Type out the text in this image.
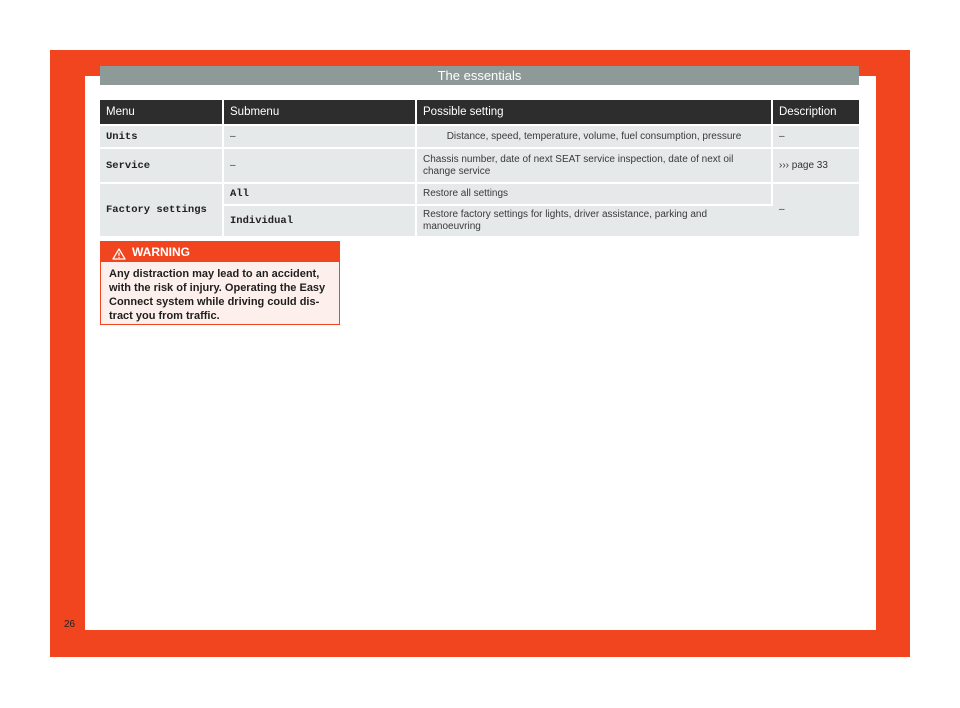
The essentials
Menu	Submenu	Possible setting	Description
Units	–	Distance, speed, temperature, volume, fuel consumption, pressure	–
Service	–	Chassis number, date of next SEAT service inspection, date of next oil change service	››› page 33
Factory settings	All	Restore all settings	–
	Individual	Restore factory settings for lights, driver assistance, parking and manoeuvring	
WARNING
Any distraction may lead to an accident, with the risk of injury. Operating the Easy Connect system while driving could dis-tract you from traffic.
26
